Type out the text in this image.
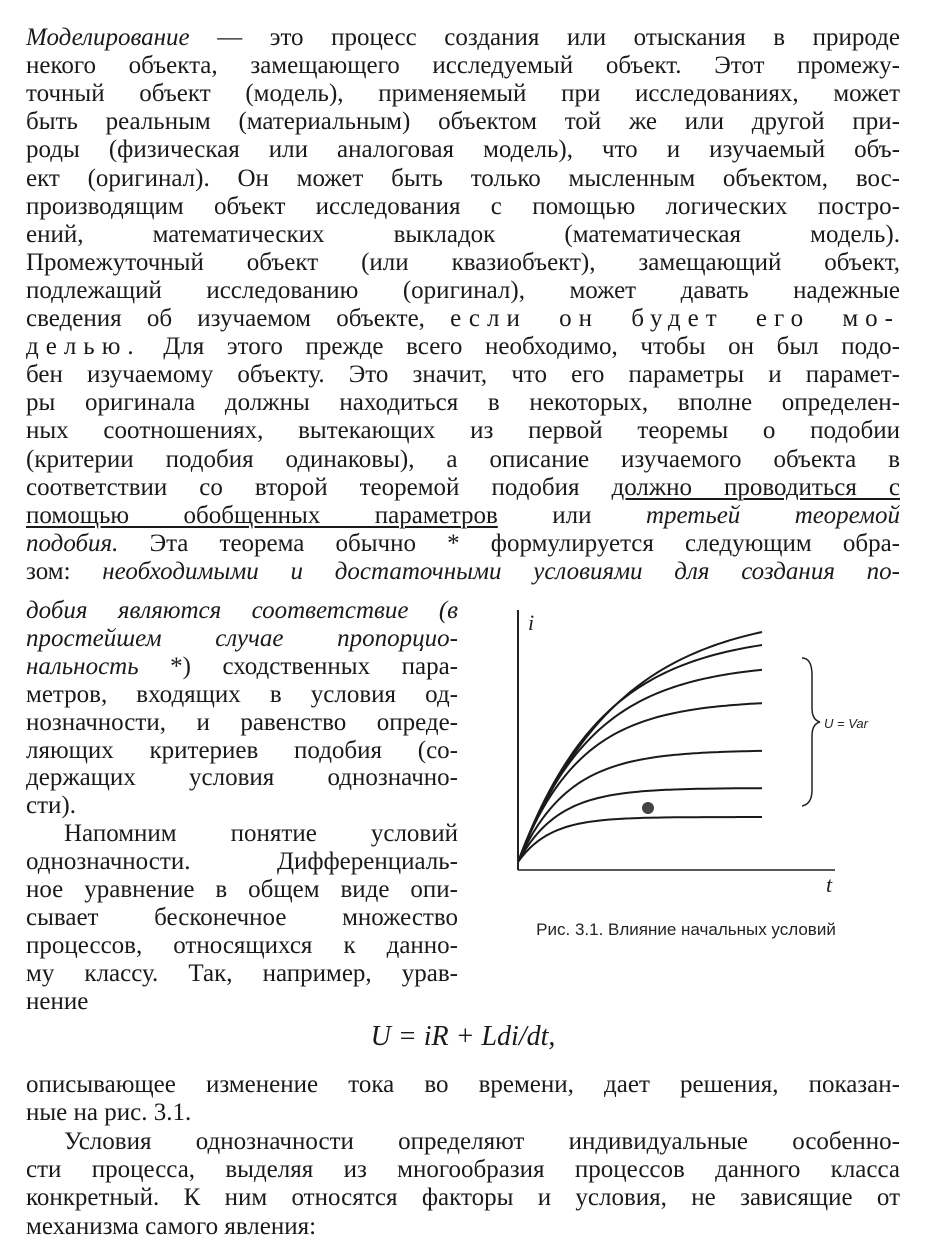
Моделирование — это процесс создания или отыскания в природе
некого объекта, замещающего исследуемый объект. Этот промежу-
точный объект (модель), применяемый при исследованиях, может
быть реальным (материальным) объектом той же или другой при-
роды (физическая или аналоговая модель), что и изучаемый объ-
ект (оригинал). Он может быть только мысленным объектом, вос-
производящим объект исследования с помощью логических постро-
ений, математических выкладок (математическая модель).
Промежуточный объект (или квазиобъект), замещающий объект,
подлежащий исследованию (оригинал), может давать надежные
сведения об изучаемом объекте, если он будет его мо-
делью. Для этого прежде всего необходимо, чтобы он был подо-
бен изучаемому объекту. Это значит, что его параметры и парамет-
ры оригинала должны находиться в некоторых, вполне определен-
ных соотношениях, вытекающих из первой теоремы о подобии
(критерии подобия одинаковы), а описание изучаемого объекта в
соответствии со второй теоремой подобия должно проводиться с
помощью обобщенных параметров или третьей теоремой
подобия. Эта теорема обычно * формулируется следующим обра-
зом: необходимыми и достаточными условиями для создания по-
добия являются соответствие (в
простейшем случае пропорцио-
нальность *) сходственных пара-
метров, входящих в условия од-
нозначности, и равенство опреде-
ляющих критериев подобия (со-
держащих условия однозначно-
сти).
Напомним понятие условий
однозначности. Дифференциаль-
ное уравнение в общем виде опи-
сывает бесконечное множество
процессов, относящихся к данно-
му классу. Так, например, урав-
нение
U = iR + Ldi/dt,
описывающее изменение тока во времени, дает решения, показан-
ные на рис. 3.1.
Условия однозначности определяют индивидуальные особенно-
сти процесса, выделяя из многообразия процессов данного класса
конкретный. К ним относятся факторы и условия, не зависящие от
механизма самого явления:
i
t
U = Var
Рис. 3.1. Влияние начальных условий
